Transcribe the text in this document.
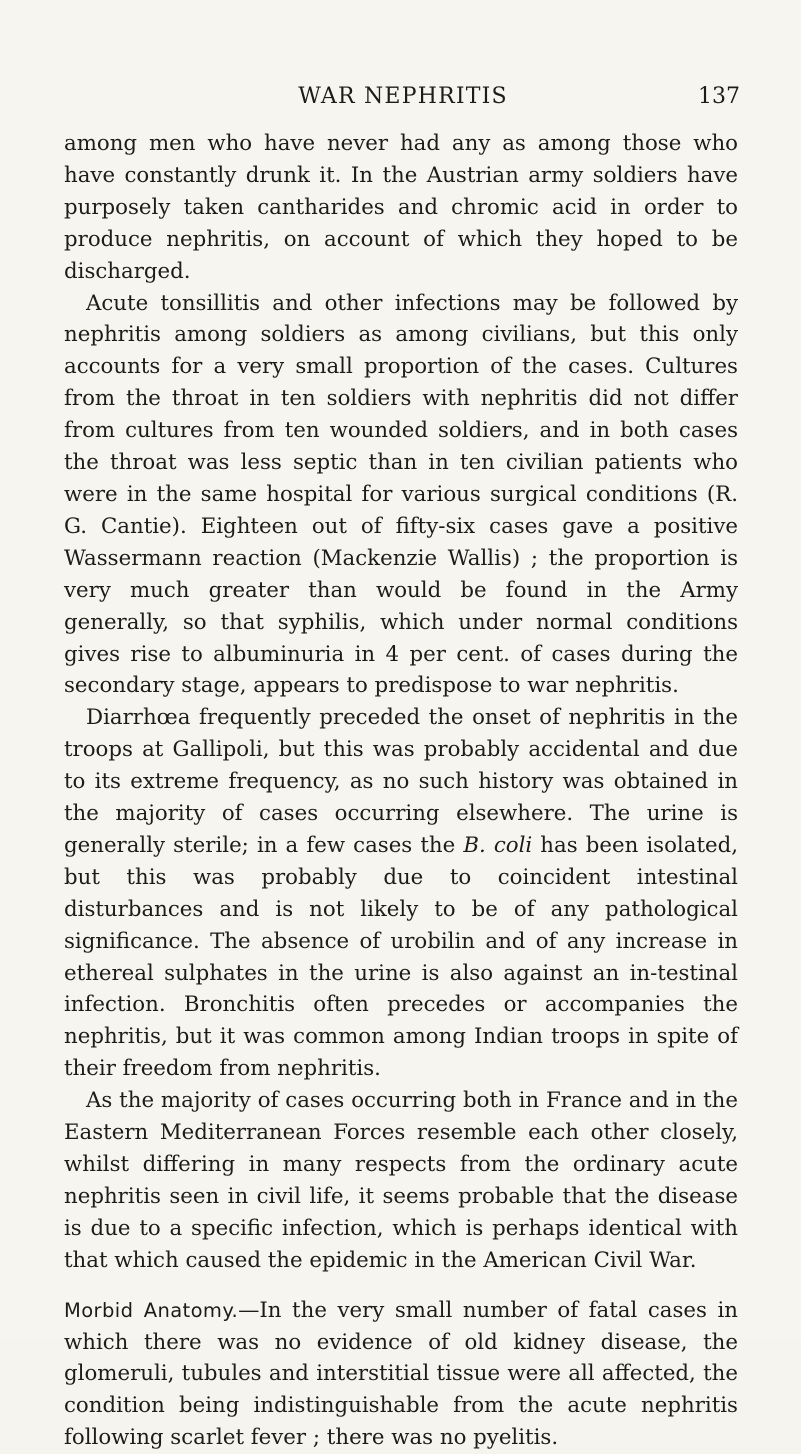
WAR NEPHRITIS	137

among men who have never had any as among those who have constantly drunk it. In the Austrian army soldiers have purposely taken cantharides and chromic acid in order to produce nephritis, on account of which they hoped to be discharged.

Acute tonsillitis and other infections may be followed by nephritis among soldiers as among civilians, but this only accounts for a very small proportion of the cases. Cultures from the throat in ten soldiers with nephritis did not differ from cultures from ten wounded soldiers, and in both cases the throat was less septic than in ten civilian patients who were in the same hospital for various surgical conditions (R. G. Cantie). Eighteen out of fifty-six cases gave a positive Wassermann reaction (Mackenzie Wallis) ; the proportion is very much greater than would be found in the Army generally, so that syphilis, which under normal conditions gives rise to albuminuria in 4 per cent. of cases during the secondary stage, appears to predispose to war nephritis.

Diarrhœa frequently preceded the onset of nephritis in the troops at Gallipoli, but this was probably accidental and due to its extreme frequency, as no such history was obtained in the majority of cases occurring elsewhere. The urine is generally sterile; in a few cases the B. coli has been isolated, but this was probably due to coincident intestinal disturbances and is not likely to be of any pathological significance. The absence of urobilin and of any increase in ethereal sulphates in the urine is also against an in-testinal infection. Bronchitis often precedes or accompanies the nephritis, but it was common among Indian troops in spite of their freedom from nephritis.

As the majority of cases occurring both in France and in the Eastern Mediterranean Forces resemble each other closely, whilst differing in many respects from the ordinary acute nephritis seen in civil life, it seems probable that the disease is due to a specific infection, which is perhaps identical with that which caused the epidemic in the American Civil War.

Morbid Anatomy.—In the very small number of fatal cases in which there was no evidence of old kidney disease, the glomeruli, tubules and interstitial tissue were all affected, the condition being indistinguishable from the acute nephritis following scarlet fever ; there was no pyelitis.
